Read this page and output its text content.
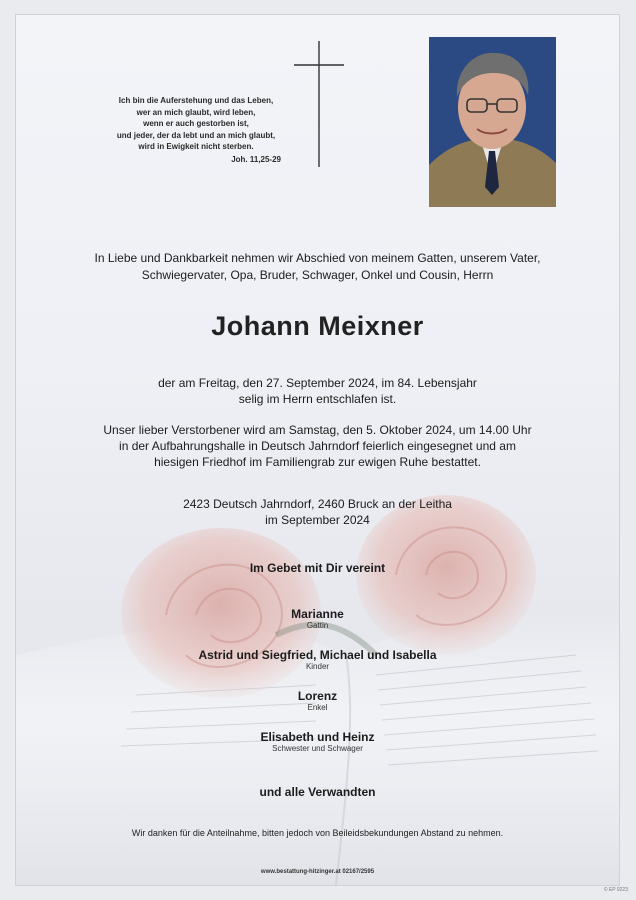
Ich bin die Auferstehung und das Leben,
wer an mich glaubt, wird leben,
wenn er auch gestorben ist,
und jeder, der da lebt und an mich glaubt,
wird in Ewigkeit nicht sterben.
Joh. 11,25-29
In Liebe und Dankbarkeit nehmen wir Abschied von meinem Gatten, unserem Vater,
Schwiegervater, Opa, Bruder, Schwager, Onkel und Cousin, Herrn
Johann Meixner
der am Freitag, den 27. September 2024, im 84. Lebensjahr
selig im Herrn entschlafen ist.
Unser lieber Verstorbener wird am Samstag, den 5. Oktober 2024, um 14.00 Uhr
in der Aufbahrungshalle in Deutsch Jahrndorf feierlich eingesegnet und am
hiesigen Friedhof im Familiengrab zur ewigen Ruhe bestattet.
2423 Deutsch Jahrndorf, 2460 Bruck an der Leitha
im September 2024
Im Gebet mit Dir vereint
Marianne
Gattin
Astrid und Siegfried, Michael und Isabella
Kinder
Lorenz
Enkel
Elisabeth und Heinz
Schwester und Schwager
und alle Verwandten
Wir danken für die Anteilnahme, bitten jedoch von Beileidsbekundungen Abstand zu nehmen.
www.bestattung-hitzinger.at 02167/2595
© EP 9223
